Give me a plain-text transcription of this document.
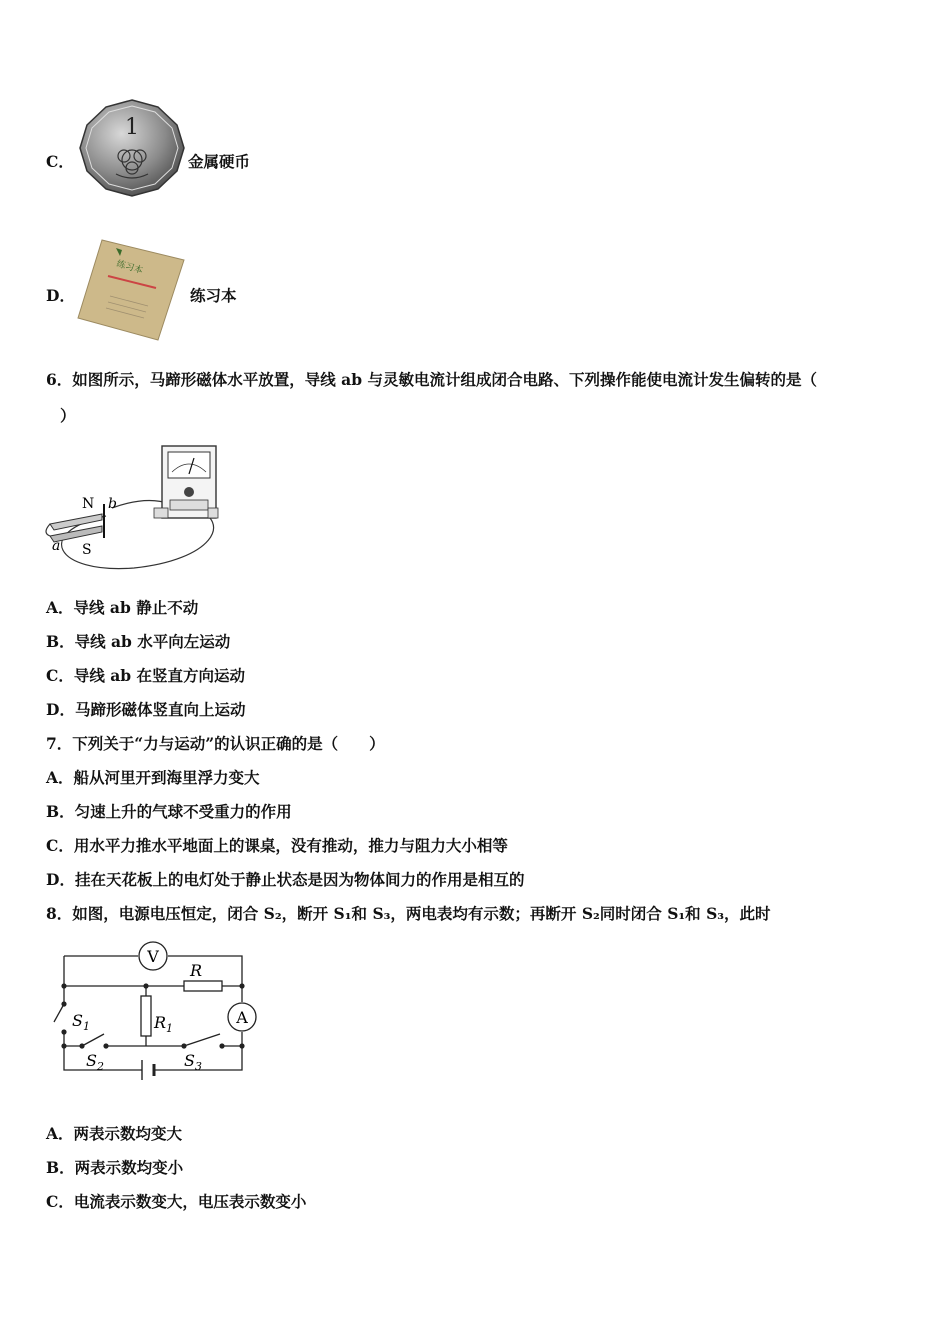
C．
1
金属硬币
D．
练习本
练习本
6．如图所示，马蹄形磁体水平放置，导线 ab 与灵敏电流计组成闭合电路、下列操作能使电流计发生偏转的是（
）
N b
a S
A．导线 ab 静止不动
B．导线 ab 水平向左运动
C．导线 ab 在竖直方向运动
D．马蹄形磁体竖直向上运动
7．下列关于“力与运动”的认识正确的是（　　）
A．船从河里开到海里浮力变大
B．匀速上升的气球不受重力的作用
C．用水平力推水平地面上的课桌，没有推动，推力与阻力大小相等
D．挂在天花板上的电灯处于静止状态是因为物体间力的作用是相互的
8．如图，电源电压恒定，闭合 S₂，断开 S₁和 S₃，两电表均有示数；再断开 S₂同时闭合 S₁和 S₃，此时
V
R
A
$R_1$
$S_1$
$S_2$	$S_3$
A．两表示数均变大
B．两表示数均变小
C．电流表示数变大，电压表示数变小
